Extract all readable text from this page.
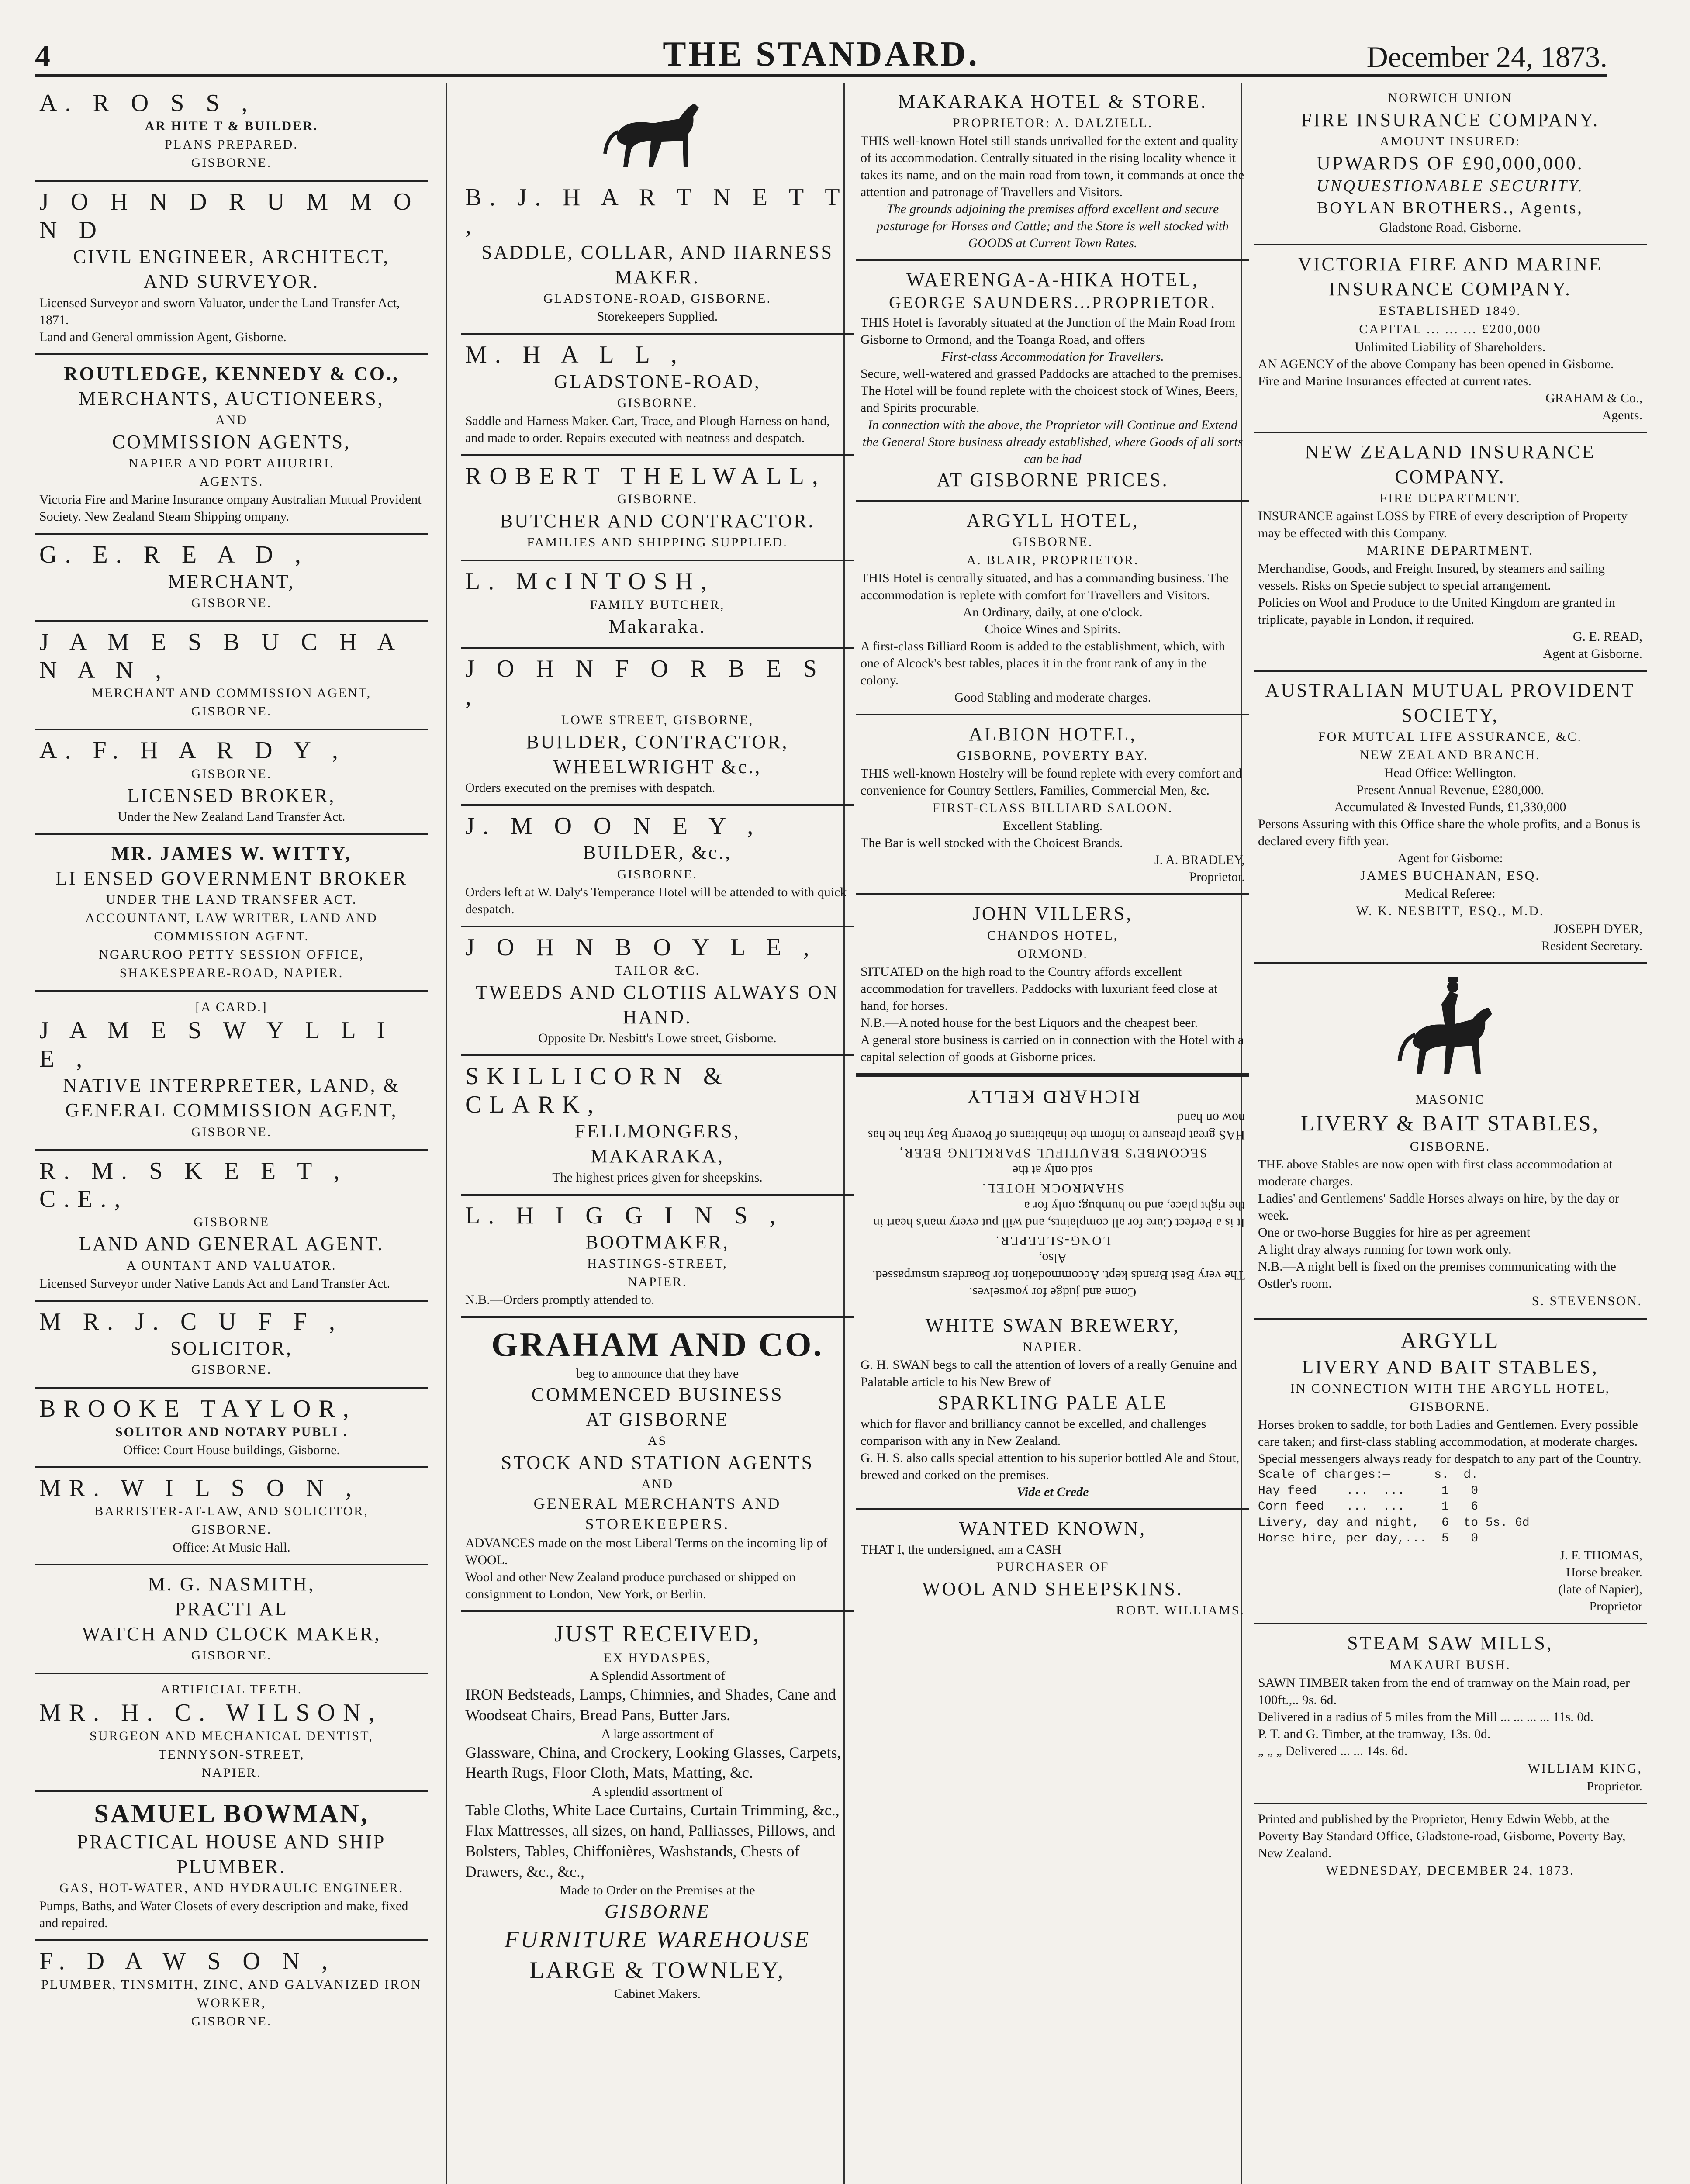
4	THE STANDARD.	December 24, 1873.
A. R O S S ,
AR HITE T & BUILDER.
PLANS PREPARED.
GISBORNE.
J O H N D R U M M O N D
CIVIL ENGINEER, ARCHITECT,
AND SURVEYOR.
Licensed Surveyor and sworn Valuator, under the Land Transfer Act, 1871.
Land and General ommission Agent, Gisborne.
ROUTLEDGE, KENNEDY & CO.,
MERCHANTS, AUCTIONEERS,
AND
COMMISSION AGENTS,
NAPIER AND PORT AHURIRI.
AGENTS.
Victoria Fire and Marine Insurance ompany Australian Mutual Provident Society. New Zealand Steam Shipping ompany.
G. E. R E A D ,
MERCHANT,
GISBORNE.
J A M E S B U C H A N A N ,
MERCHANT AND COMMISSION AGENT,
GISBORNE.
A. F. H A R D Y ,
GISBORNE.
LICENSED BROKER,
Under the New Zealand Land Transfer Act.
MR. JAMES W. WITTY,
LI ENSED GOVERNMENT BROKER
UNDER THE LAND TRANSFER ACT.
ACCOUNTANT, LAW WRITER, LAND AND COMMISSION AGENT.
NGARUROO PETTY SESSION OFFICE,
SHAKESPEARE-ROAD, NAPIER.
[A CARD.]
J A M E S W Y L L I E ,
NATIVE INTERPRETER, LAND, & GENERAL COMMISSION AGENT,
GISBORNE.
R. M. S K E E T , C.E.,
GISBORNE
LAND AND GENERAL AGENT.
A OUNTANT AND VALUATOR.
Licensed Surveyor under Native Lands Act and Land Transfer Act.
M R. J. C U F F ,
SOLICITOR,
GISBORNE.
BROOKE TAYLOR,
SOLITOR AND NOTARY PUBLI .
Office: Court House buildings, Gisborne.
MR. W I L S O N ,
BARRISTER-AT-LAW, AND SOLICITOR,
GISBORNE.
Office: At Music Hall.
M. G. NASMITH,
PRACTI AL
WATCH AND CLOCK MAKER,
GISBORNE.
ARTIFICIAL TEETH.
MR. H. C. WILSON,
SURGEON AND MECHANICAL DENTIST,
TENNYSON-STREET,
NAPIER.
SAMUEL BOWMAN,
PRACTICAL HOUSE AND SHIP PLUMBER.
GAS, HOT-WATER, AND HYDRAULIC ENGINEER.
Pumps, Baths, and Water Closets of every description and make, fixed and repaired.
F. D A W S O N ,
PLUMBER, TINSMITH, ZINC, AND GALVANIZED IRON WORKER,
GISBORNE.
B. J. H A R T N E T T ,
SADDLE, COLLAR, AND HARNESS MAKER.
GLADSTONE-ROAD, GISBORNE.
Storekeepers Supplied.
M. H A L L ,
GLADSTONE-ROAD,
GISBORNE.
Saddle and Harness Maker. Cart, Trace, and Plough Harness on hand, and made to order. Repairs executed with neatness and despatch.
ROBERT THELWALL,
GISBORNE.
BUTCHER AND CONTRACTOR.
FAMILIES AND SHIPPING SUPPLIED.
L. McINTOSH,
FAMILY BUTCHER,
Makaraka.
J O H N F O R B E S ,
LOWE STREET, GISBORNE,
BUILDER, CONTRACTOR, WHEELWRIGHT &c.,
Orders executed on the premises with despatch.
J. M O O N E Y ,
BUILDER, &c.,
GISBORNE.
Orders left at W. Daly's Temperance Hotel will be attended to with quick despatch.
J O H N B O Y L E ,
TAILOR &C.
TWEEDS AND CLOTHS ALWAYS ON HAND.
Opposite Dr. Nesbitt's Lowe street, Gisborne.
SKILLICORN & CLARK,
FELLMONGERS,
MAKARAKA,
The highest prices given for sheepskins.
L. H I G G I N S ,
BOOTMAKER,
HASTINGS-STREET,
NAPIER.
N.B.—Orders promptly attended to.
GRAHAM AND CO.
beg to announce that they have
COMMENCED BUSINESS
AT GISBORNE
AS
STOCK AND STATION AGENTS
AND
GENERAL MERCHANTS AND STOREKEEPERS.
ADVANCES made on the most Liberal Terms on the incoming lip of WOOL.
Wool and other New Zealand produce purchased or shipped on consignment to London, New York, or Berlin.
JUST RECEIVED,
EX HYDASPES,
A Splendid Assortment of
IRON Bedsteads, Lamps, Chimnies, and Shades, Cane and Woodseat Chairs, Bread Pans, Butter Jars.
A large assortment of
Glassware, China, and Crockery, Looking Glasses, Carpets, Hearth Rugs, Floor Cloth, Mats, Matting, &c.
A splendid assortment of
Table Cloths, White Lace Curtains, Curtain Trimming, &c.,
Flax Mattresses, all sizes, on hand, Palliasses, Pillows, and Bolsters, Tables, Chiffonières, Washstands, Chests of Drawers, &c., &c.,
Made to Order on the Premises at the
GISBORNE
FURNITURE WAREHOUSE
LARGE & TOWNLEY,
Cabinet Makers.
MAKARAKA HOTEL & STORE.
PROPRIETOR: A. DALZIELL.
THIS well-known Hotel still stands unrivalled for the extent and quality of its accommodation. Centrally situated in the rising locality whence it takes its name, and on the main road from town, it commands at once the attention and patronage of Travellers and Visitors.
The grounds adjoining the premises afford excellent and secure pasturage for Horses and Cattle; and the Store is well stocked with GOODS at Current Town Rates.
WAERENGA-A-HIKA HOTEL,
GEORGE SAUNDERS...PROPRIETOR.
THIS Hotel is favorably situated at the Junction of the Main Road from Gisborne to Ormond, and the Toanga Road, and offers
First-class Accommodation for Travellers.
Secure, well-watered and grassed Paddocks are attached to the premises.
The Hotel will be found replete with the choicest stock of Wines, Beers, and Spirits procurable.
In connection with the above, the Proprietor will Continue and Extend the General Store business already established, where Goods of all sorts can be had
AT GISBORNE PRICES.
ARGYLL HOTEL,
GISBORNE.
A. BLAIR, PROPRIETOR.
THIS Hotel is centrally situated, and has a commanding business. The accommodation is replete with comfort for Travellers and Visitors.
An Ordinary, daily, at one o'clock.
Choice Wines and Spirits.
A first-class Billiard Room is added to the establishment, which, with one of Alcock's best tables, places it in the front rank of any in the colony.
Good Stabling and moderate charges.
ALBION HOTEL,
GISBORNE, POVERTY BAY.
THIS well-known Hostelry will be found replete with every comfort and convenience for Country Settlers, Families, Commercial Men, &c.
FIRST-CLASS BILLIARD SALOON.
Excellent Stabling.
The Bar is well stocked with the Choicest Brands.
J. A. BRADLEY,
Proprietor.
JOHN VILLERS,
CHANDOS HOTEL,
ORMOND.
SITUATED on the high road to the Country affords excellent accommodation for travellers. Paddocks with luxuriant feed close at hand, for horses.
N.B.—A noted house for the best Liquors and the cheapest beer.
A general store business is carried on in connection with the Hotel with a capital selection of goods at Gisborne prices.
Come and judge for yourselves.
The very Best Brands kept. Accommodation for Boarders unsurpassed.
Also,
LONG-SLEEPER.
It is a Perfect Cure for all complaints, and will put every man's heart in the right place, and no humbug; only for a
SHAMROCK HOTEL.
sold only at the
SECOMBE'S BEAUTIFUL SPARKLING BEER,
HAS great pleasure to inform the inhabitants of Poverty Bay that he has now on hand
RICHARD KELLY
WHITE SWAN BREWERY,
NAPIER.
G. H. SWAN begs to call the attention of lovers of a really Genuine and Palatable article to his New Brew of
SPARKLING PALE ALE
which for flavor and brilliancy cannot be excelled, and challenges comparison with any in New Zealand.
G. H. S. also calls special attention to his superior bottled Ale and Stout, brewed and corked on the premises.
Vide et Crede
WANTED KNOWN,
THAT I, the undersigned, am a CASH
PURCHASER OF
WOOL AND SHEEPSKINS.
ROBT. WILLIAMS.
NORWICH UNION
FIRE INSURANCE COMPANY.
AMOUNT INSURED:
UPWARDS OF £90,000,000.
UNQUESTIONABLE SECURITY.
BOYLAN BROTHERS., Agents,
Gladstone Road, Gisborne.
VICTORIA FIRE AND MARINE INSURANCE COMPANY.
ESTABLISHED 1849.
CAPITAL ... ... ... £200,000
Unlimited Liability of Shareholders.
AN AGENCY of the above Company has been opened in Gisborne.
Fire and Marine Insurances effected at current rates.
GRAHAM & Co.,
Agents.
NEW ZEALAND INSURANCE COMPANY.
FIRE DEPARTMENT.
INSURANCE against LOSS by FIRE of every description of Property may be effected with this Company.
MARINE DEPARTMENT.
Merchandise, Goods, and Freight Insured, by steamers and sailing vessels. Risks on Specie subject to special arrangement.
Policies on Wool and Produce to the United Kingdom are granted in triplicate, payable in London, if required.
G. E. READ,
Agent at Gisborne.
AUSTRALIAN MUTUAL PROVIDENT SOCIETY,
FOR MUTUAL LIFE ASSURANCE, &C.
NEW ZEALAND BRANCH.
Head Office: Wellington.
Present Annual Revenue, £280,000.
Accumulated & Invested Funds, £1,330,000
Persons Assuring with this Office share the whole profits, and a Bonus is declared every fifth year.
Agent for Gisborne:
JAMES BUCHANAN, ESQ.
Medical Referee:
W. K. NESBITT, ESQ., M.D.
JOSEPH DYER,
Resident Secretary.
MASONIC
LIVERY & BAIT STABLES,
GISBORNE.
THE above Stables are now open with first class accommodation at moderate charges.
Ladies' and Gentlemens' Saddle Horses always on hire, by the day or week.
One or two-horse Buggies for hire as per agreement
A light dray always running for town work only.
N.B.—A night bell is fixed on the premises communicating with the Ostler's room.
S. STEVENSON.
ARGYLL
LIVERY AND BAIT STABLES,
IN CONNECTION WITH THE ARGYLL HOTEL,
GISBORNE.
Horses broken to saddle, for both Ladies and Gentlemen. Every possible care taken; and first-class stabling accommodation, at moderate charges.
Special messengers always ready for despatch to any part of the Country.
Scale of charges:—      s.  d.
Hay feed    ...  ...     1   0
Corn feed   ...  ...     1   6
Livery, day and night,   6  to 5s. 6d
Horse hire, per day,...  5   0
J. F. THOMAS,
Horse breaker.
(late of Napier),
Proprietor
STEAM SAW MILLS,
MAKAURI BUSH.
SAWN TIMBER taken from the end of tramway on the Main road, per 100ft.,.. 9s. 6d.
Delivered in a radius of 5 miles from the Mill ... ... ... ... 11s. 0d.
P. T. and G. Timber, at the tramway, 13s. 0d.
„ „ „ Delivered ... ... 14s. 6d.
WILLIAM KING,
Proprietor.
Printed and published by the Proprietor, Henry Edwin Webb, at the Poverty Bay Standard Office, Gladstone-road, Gisborne, Poverty Bay, New Zealand.
WEDNESDAY, DECEMBER 24, 1873.
